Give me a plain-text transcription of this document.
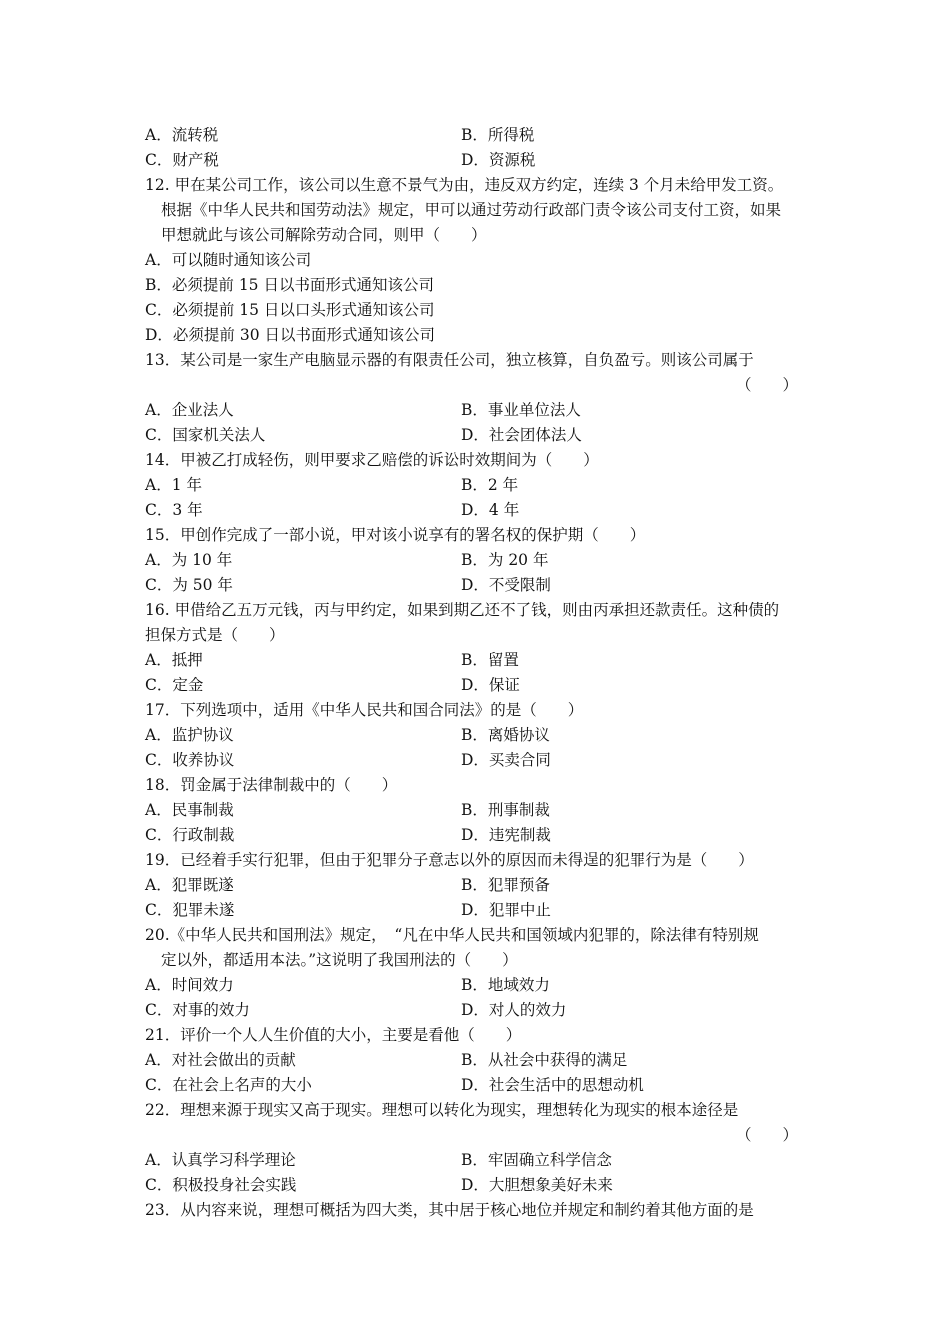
A．流转税	B．所得税
C．财产税	D．资源税
12. 甲在某公司工作，该公司以生意不景气为由，违反双方约定，连续 3 个月未给甲发工资。
根据《中华人民共和国劳动法》规定，甲可以通过劳动行政部门责令该公司支付工资，如果
甲想就此与该公司解除劳动合同，则甲（　　）
A．可以随时通知该公司
B．必须提前 15 日以书面形式通知该公司
C．必须提前 15 日以口头形式通知该公司
D．必须提前 30 日以书面形式通知该公司
13．某公司是一家生产电脑显示器的有限责任公司，独立核算，自负盈亏。则该公司属于
（　　）
A．企业法人	B．事业单位法人
C．国家机关法人	D．社会团体法人
14．甲被乙打成轻伤，则甲要求乙赔偿的诉讼时效期间为（　　）
A．1 年	B．2 年
C．3 年	D．4 年
15．甲创作完成了一部小说，甲对该小说享有的署名权的保护期（　　）
A．为 10 年	B．为 20 年
C．为 50 年	D．不受限制
16. 甲借给乙五万元钱，丙与甲约定，如果到期乙还不了钱，则由丙承担还款责任。这种债的
担保方式是（　　）
A．抵押	B．留置
C．定金	D．保证
17．下列选项中，适用《中华人民共和国合同法》的是（　　）
A．监护协议	B．离婚协议
C．收养协议	D．买卖合同
18．罚金属于法律制裁中的（　　）
A．民事制裁	B．刑事制裁
C．行政制裁	D．违宪制裁
19．已经着手实行犯罪，但由于犯罪分子意志以外的原因而未得逞的犯罪行为是（　　）
A．犯罪既遂	B．犯罪预备
C．犯罪未遂	D．犯罪中止
20.《中华人民共和国刑法》规定，　“凡在中华人民共和国领域内犯罪的，除法律有特别规
定以外，都适用本法。”这说明了我国刑法的（　　）
A．时间效力	B．地域效力
C．对事的效力	D．对人的效力
21．评价一个人人生价值的大小，主要是看他（　　）
A．对社会做出的贡献	B．从社会中获得的满足
C．在社会上名声的大小	D．社会生活中的思想动机
22．理想来源于现实又高于现实。理想可以转化为现实，理想转化为现实的根本途径是
（　　）
A．认真学习科学理论	B．牢固确立科学信念
C．积极投身社会实践	D．大胆想象美好未来
23．从内容来说，理想可概括为四大类，其中居于核心地位并规定和制约着其他方面的是
